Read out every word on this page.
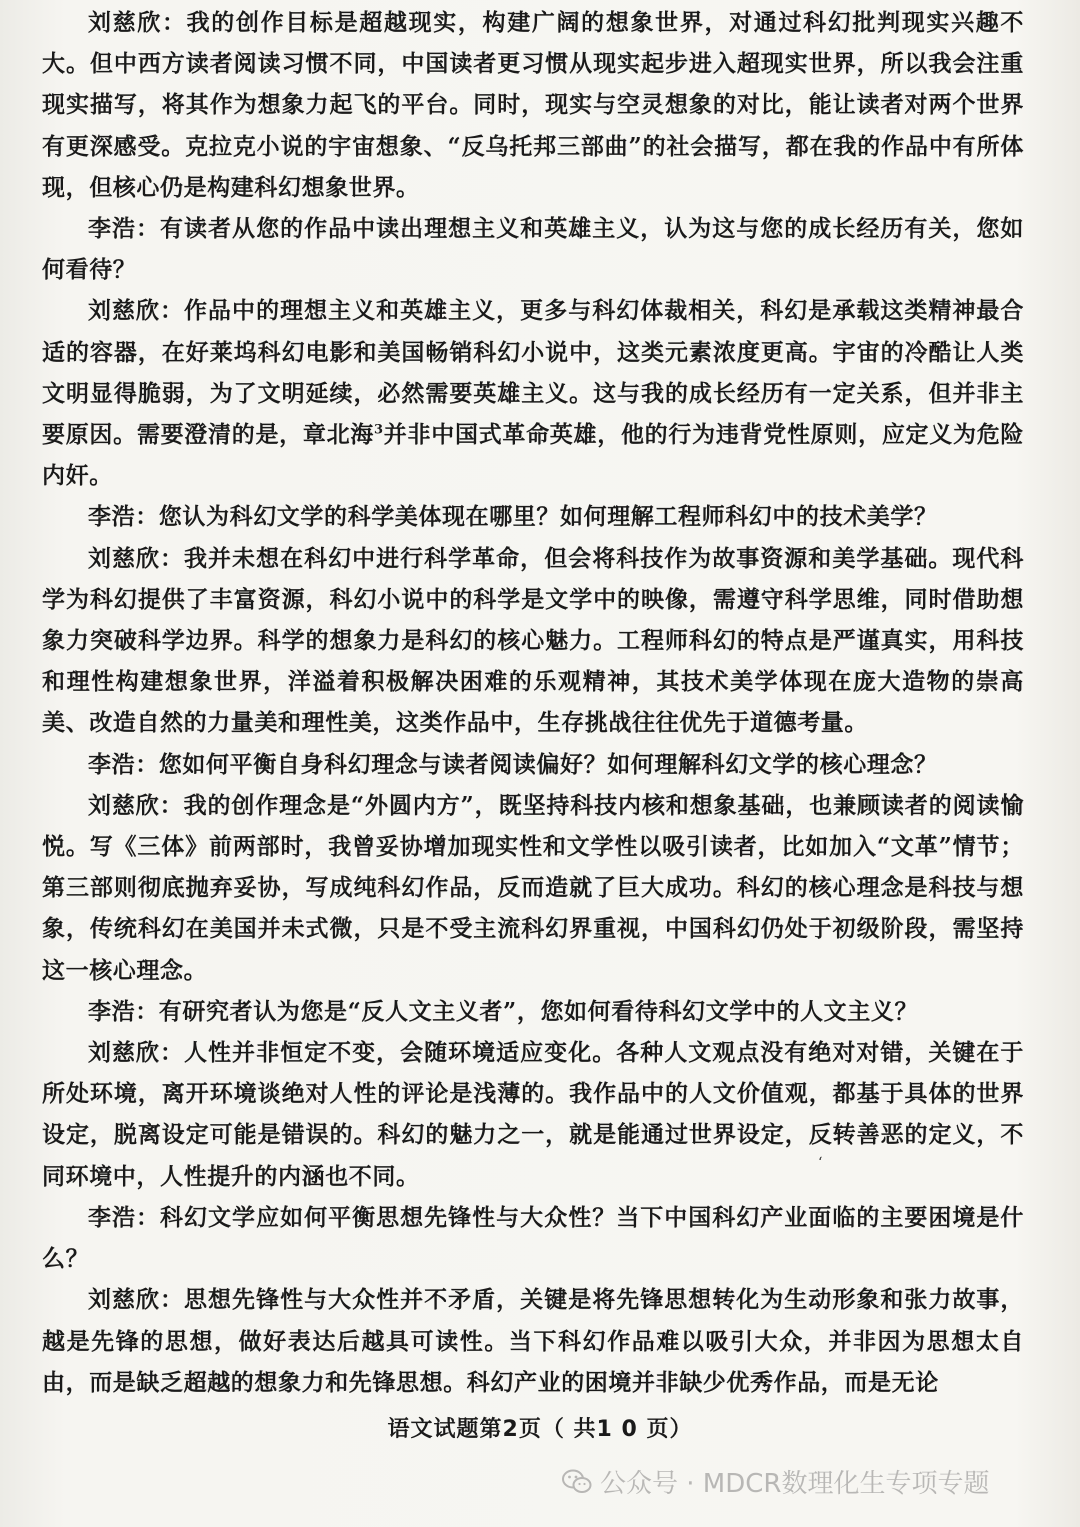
刘慈欣：我的创作目标是超越现实，构建广阔的想象世界，对通过科幻批判现实兴趣不大。但中西方读者阅读习惯不同，中国读者更习惯从现实起步进入超现实世界，所以我会注重现实描写，将其作为想象力起飞的平台。同时，现实与空灵想象的对比，能让读者对两个世界有更深感受。克拉克小说的宇宙想象、“反乌托邦三部曲”的社会描写，都在我的作品中有所体现，但核心仍是构建科幻想象世界。

李浩：有读者从您的作品中读出理想主义和英雄主义，认为这与您的成长经历有关，您如何看待？

刘慈欣：作品中的理想主义和英雄主义，更多与科幻体裁相关，科幻是承载这类精神最合适的容器，在好莱坞科幻电影和美国畅销科幻小说中，这类元素浓度更高。宇宙的冷酷让人类文明显得脆弱，为了文明延续，必然需要英雄主义。这与我的成长经历有一定关系，但并非主要原因。需要澄清的是，章北海$^3$并非中国式革命英雄，他的行为违背党性原则，应定义为危险内奸。

李浩：您认为科幻文学的科学美体现在哪里？如何理解工程师科幻中的技术美学？

刘慈欣：我并未想在科幻中进行科学革命，但会将科技作为故事资源和美学基础。现代科学为科幻提供了丰富资源，科幻小说中的科学是文学中的映像，需遵守科学思维，同时借助想象力突破科学边界。科学的想象力是科幻的核心魅力。工程师科幻的特点是严谨真实，用科技和理性构建想象世界，洋溢着积极解决困难的乐观精神，其技术美学体现在庞大造物的崇高美、改造自然的力量美和理性美，这类作品中，生存挑战往往优先于道德考量。

李浩：您如何平衡自身科幻理念与读者阅读偏好？如何理解科幻文学的核心理念？

刘慈欣：我的创作理念是“外圆内方”，既坚持科技内核和想象基础，也兼顾读者的阅读愉悦。写《三体》前两部时，我曾妥协增加现实性和文学性以吸引读者，比如加入“文革”情节；第三部则彻底抛弃妥协，写成纯科幻作品，反而造就了巨大成功。科幻的核心理念是科技与想象，传统科幻在美国并未式微，只是不受主流科幻界重视，中国科幻仍处于初级阶段，需坚持这一核心理念。

李浩：有研究者认为您是“反人文主义者”，您如何看待科幻文学中的人文主义？

刘慈欣：人性并非恒定不变，会随环境适应变化。各种人文观点没有绝对对错，关键在于所处环境，离开环境谈绝对人性的评论是浅薄的。我作品中的人文价值观，都基于具体的世界设定，脱离设定可能是错误的。科幻的魅力之一，就是能通过世界设定，反转善恶的定义，不同环境中，人性提升的内涵也不同。

李浩：科幻文学应如何平衡思想先锋性与大众性？当下中国科幻产业面临的主要困境是什么？

刘慈欣：思想先锋性与大众性并不矛盾，关键是将先锋思想转化为生动形象和张力故事，越是先锋的思想，做好表达后越具可读性。当下科幻作品难以吸引大众，并非因为思想太自由，而是缺乏超越的想象力和先锋思想。科幻产业的困境并非缺少优秀作品，而是无论

‘
语文试题第2页（ 共1 0 页）
公众号 · MDCR数理化生专项专题
